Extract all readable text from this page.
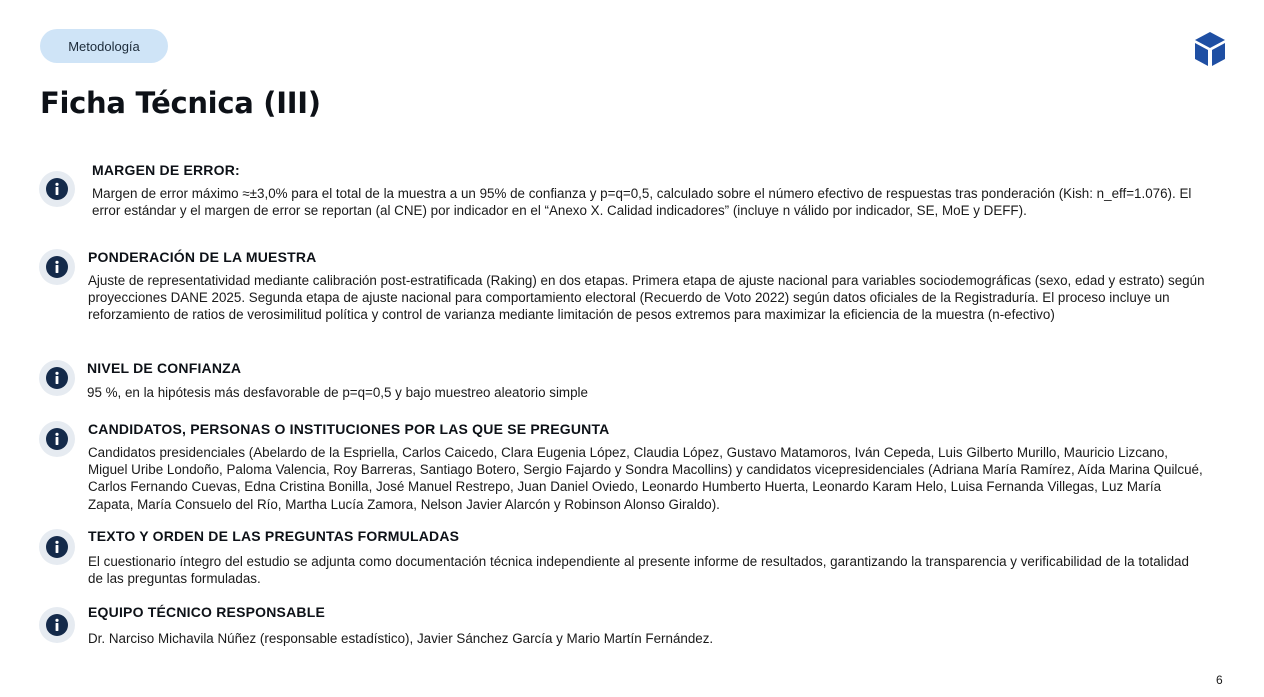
Metodología
Ficha Técnica (III)

MARGEN DE ERROR:

Margen de error máximo ≈±3,0% para el total de la muestra a un 95% de confianza y p=q=0,5, calculado sobre el número efectivo de respuestas tras ponderación (Kish: n_eff=1.076). El error estándar y el margen de error se reportan (al CNE) por indicador en el “Anexo X. Calidad indicadores” (incluye n válido por indicador, SE, MoE y DEFF).

PONDERACIÓN DE LA MUESTRA

Ajuste de representatividad mediante calibración post-estratificada (Raking) en dos etapas. Primera etapa de ajuste nacional para variables sociodemográficas (sexo, edad y estrato) según proyecciones DANE 2025. Segunda etapa de ajuste nacional para comportamiento electoral (Recuerdo de Voto 2022) según datos oficiales de la Registraduría. El proceso incluye un reforzamiento de ratios de verosimilitud política y control de varianza mediante limitación de pesos extremos para maximizar la eficiencia de la muestra (n-efectivo)

NIVEL DE CONFIANZA

95 %, en la hipótesis más desfavorable de p=q=0,5 y bajo muestreo aleatorio simple

CANDIDATOS, PERSONAS O INSTITUCIONES POR LAS QUE SE PREGUNTA

Candidatos presidenciales (Abelardo de la Espriella, Carlos Caicedo, Clara Eugenia López, Claudia López, Gustavo Matamoros, Iván Cepeda, Luis Gilberto Murillo, Mauricio Lizcano, Miguel Uribe Londoño, Paloma Valencia, Roy Barreras, Santiago Botero, Sergio Fajardo y Sondra Macollins) y candidatos vicepresidenciales (Adriana María Ramírez, Aída Marina Quilcué, Carlos Fernando Cuevas, Edna Cristina Bonilla, José Manuel Restrepo, Juan Daniel Oviedo, Leonardo Humberto Huerta, Leonardo Karam Helo, Luisa Fernanda Villegas, Luz María Zapata, María Consuelo del Río, Martha Lucía Zamora, Nelson Javier Alarcón y Robinson Alonso Giraldo).

TEXTO Y ORDEN DE LAS PREGUNTAS FORMULADAS

El cuestionario íntegro del estudio se adjunta como documentación técnica independiente al presente informe de resultados, garantizando la transparencia y verificabilidad de la totalidad de las preguntas formuladas.

EQUIPO TÉCNICO RESPONSABLE

Dr. Narciso Michavila Núñez (responsable estadístico), Javier Sánchez García y Mario Martín Fernández.

6
